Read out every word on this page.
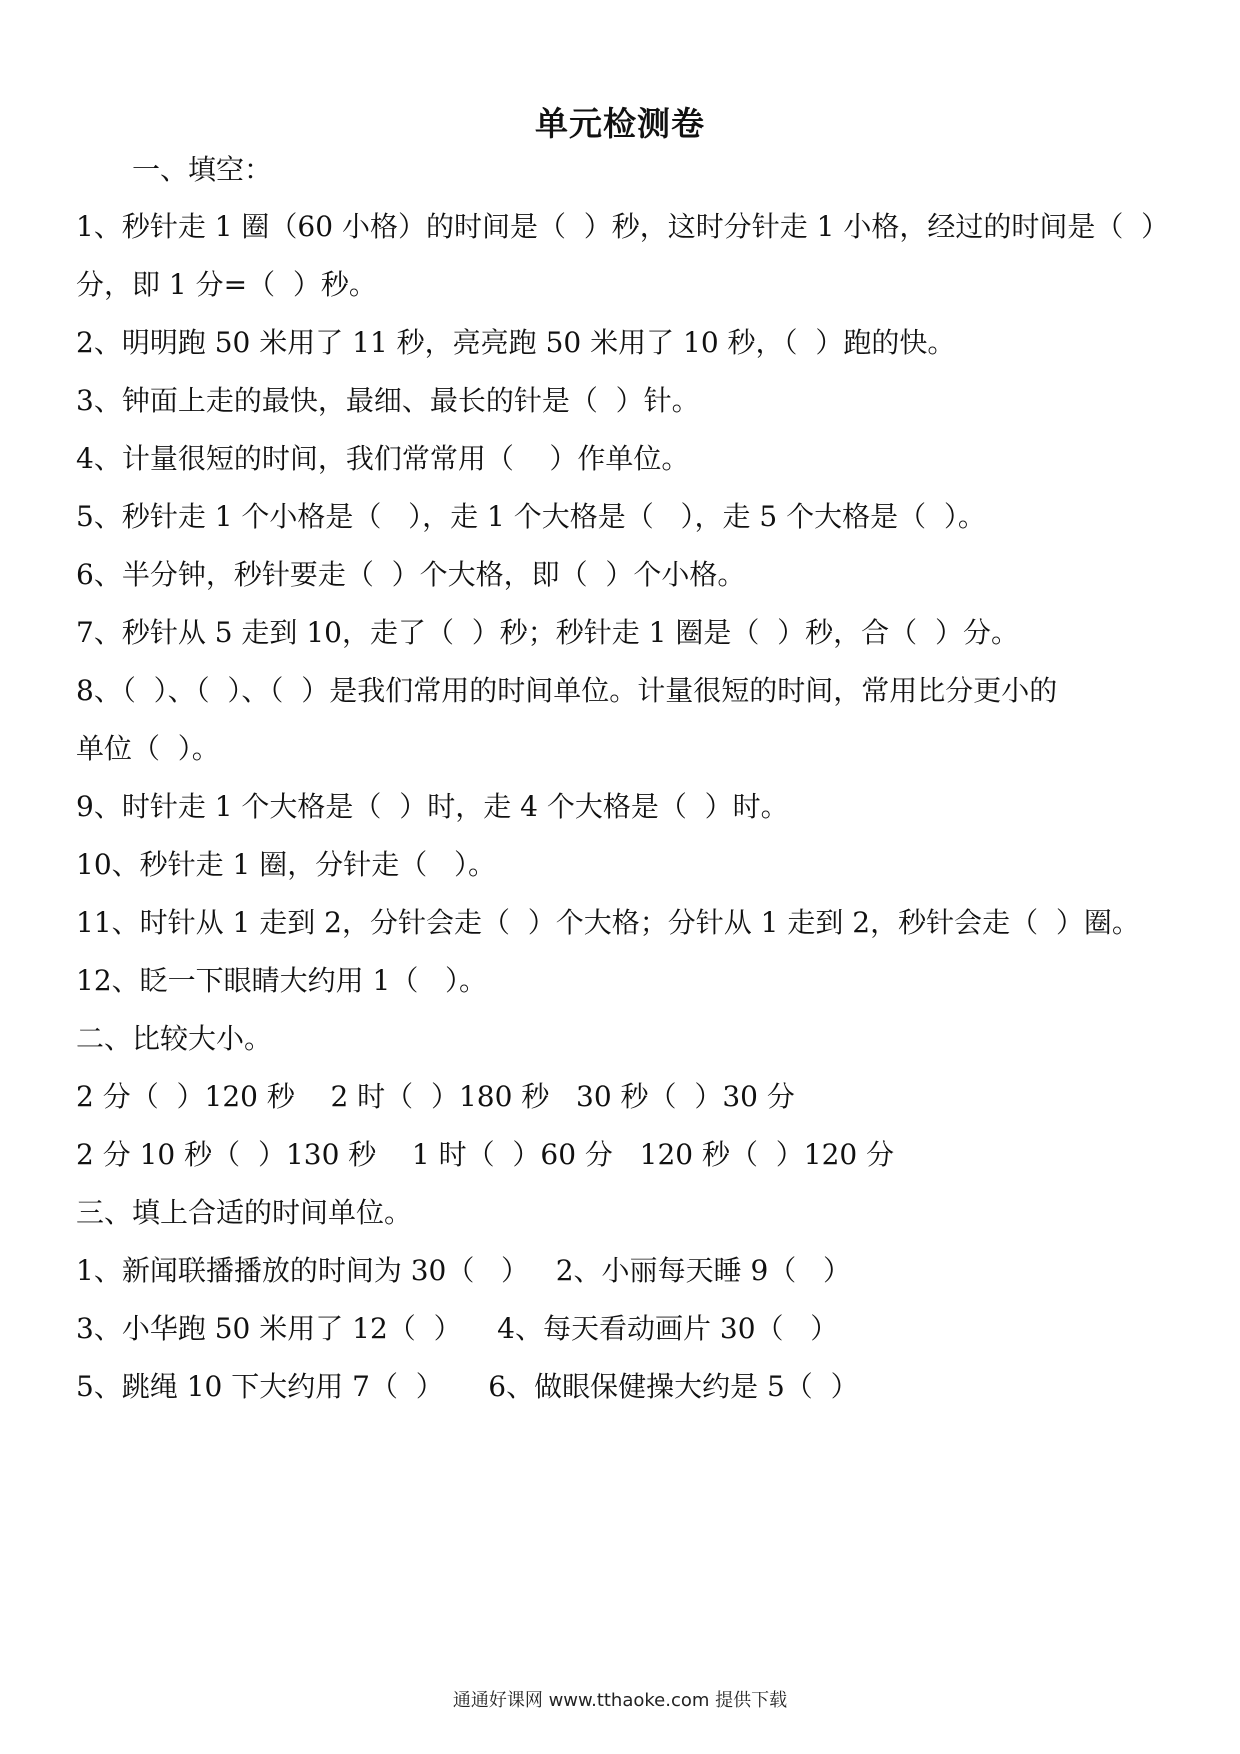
单元检测卷
一、填空：
1、秒针走 1 圈（60 小格）的时间是（  ）秒，这时分针走 1 小格，经过的时间是（  ）
分，即 1 分=（  ）秒。
2、明明跑 50 米用了 11 秒，亮亮跑 50 米用了 10 秒，（  ）跑的快。
3、钟面上走的最快，最细、最长的针是（  ）针。
4、计量很短的时间，我们常常用（    ）作单位。
5、秒针走 1 个小格是（   ），走 1 个大格是（   ），走 5 个大格是（  ）。
6、半分钟，秒针要走（  ）个大格，即（  ）个小格。
7、秒针从 5 走到 10，走了（  ）秒；秒针走 1 圈是（  ）秒，合（  ）分。
8、（  ）、（  ）、（  ）是我们常用的时间单位。计量很短的时间，常用比分更小的
单位（  ）。
9、时针走 1 个大格是（  ）时，走 4 个大格是（  ）时。
10、秒针走 1 圈，分针走（   ）。
11、时针从 1 走到 2，分针会走（  ）个大格；分针从 1 走到 2，秒针会走（  ）圈。
12、眨一下眼睛大约用 1（   ）。
二、比较大小。
2 分（  ）120 秒    2 时（  ）180 秒   30 秒（  ）30 分
2 分 10 秒（  ）130 秒    1 时（  ）60 分   120 秒（  ）120 分
三、填上合适的时间单位。
1、新闻联播播放的时间为 30（   ）   2、小丽每天睡 9（   ）
3、小华跑 50 米用了 12（  ）    4、每天看动画片 30（   ）
5、跳绳 10 下大约用 7（  ）     6、做眼保健操大约是 5（  ）
通通好课网 www.tthaoke.com 提供下载
